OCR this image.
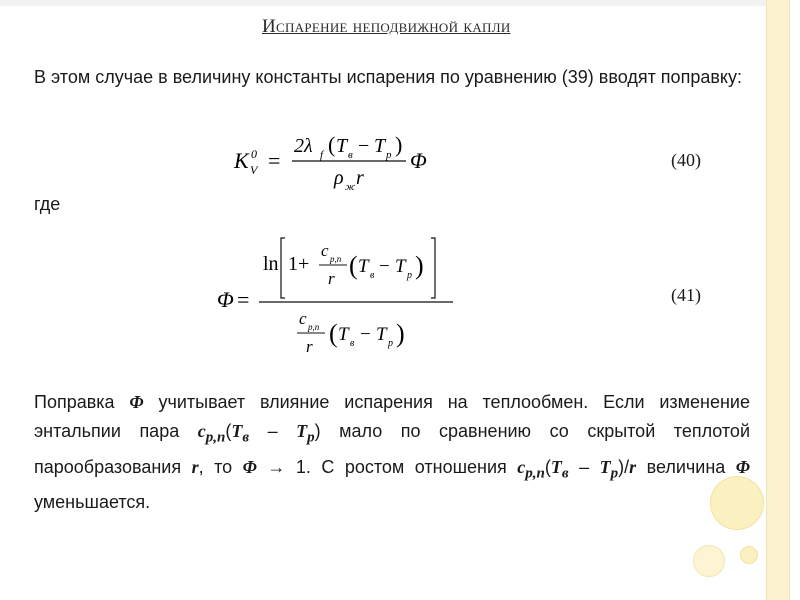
Испарение неподвижной капли
В этом случае в величину константы испарения по уравнению (39) вводят поправку:
K 0
V =
2λ f ( T в − T p )
ρ ж r
Φ	(40)
где
Φ =
ln 1+
c p,n
r ( T в − T p )
c p,n
r ( T в − T p )
(41)
Поправка Φ учитывает влияние испарения на теплообмен. Если изменение энтальпии пара $c_{p,n}(T_в - T_p)$ мало по сравнению со скрытой теплотой парообразования r, то Φ → 1. С ростом отношения $c_{p,n}(T_в - T_p)/r$ величина Φ уменьшается.
